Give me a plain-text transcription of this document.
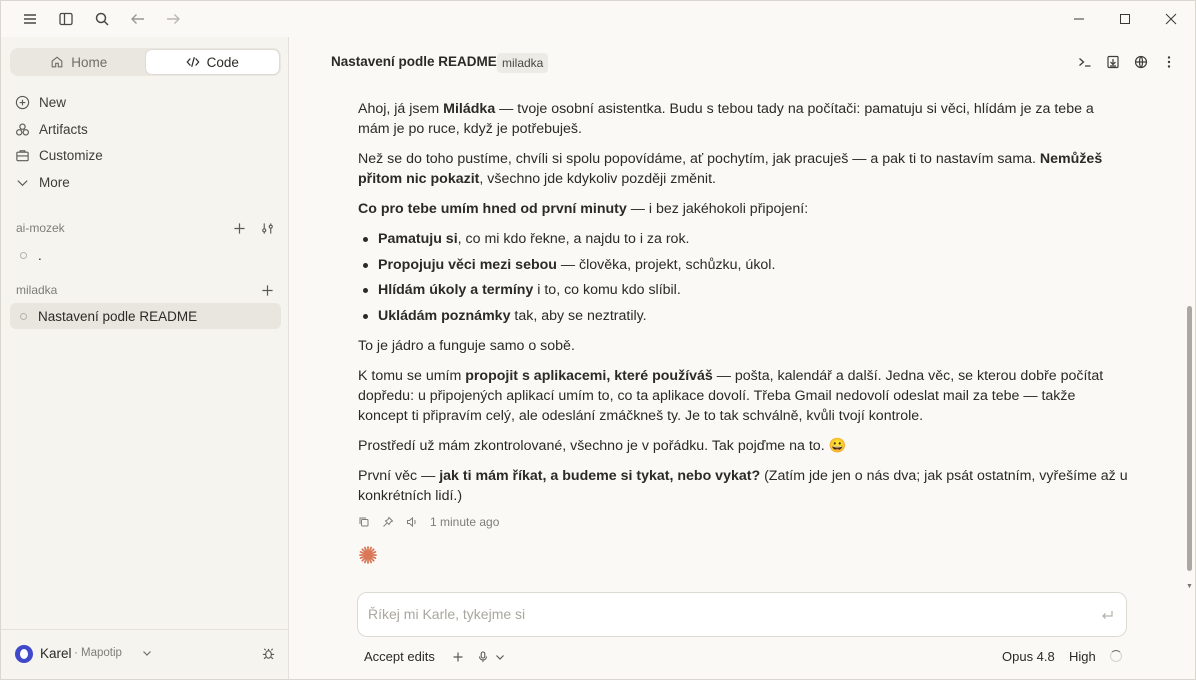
Home	Code
New
Artifacts
Customize
More
ai-mozek
.
miladka
Nastavení podle README
Karel · Mapotip
Nastavení podle README miladka

Ahoj, já jsem Miládka — tvoje osobní asistentka. Budu s tebou tady na počítači: pamatuju si věci, hlídám je za tebe a mám je po ruce, když je potřebuješ.

Než se do toho pustíme, chvíli si spolu popovídáme, ať pochytím, jak pracuješ — a pak ti to nastavím sama. Nemůžeš přitom nic pokazit, všechno jde kdykoliv později změnit.

Co pro tebe umím hned od první minuty — i bez jakéhokoli připojení:

Pamatuju si, co mi kdo řekne, a najdu to i za rok.
Propojuju věci mezi sebou — člověka, projekt, schůzku, úkol.
Hlídám úkoly a termíny i to, co komu kdo slíbil.
Ukládám poznámky tak, aby se neztratily.

To je jádro a funguje samo o sobě.

K tomu se umím propojit s aplikacemi, které používáš — pošta, kalendář a další. Jedna věc, se kterou dobře počítat dopředu: u připojených aplikací umím to, co ta aplikace dovolí. Třeba Gmail nedovolí odeslat mail za tebe — takže koncept ti připravím celý, ale odeslání zmáčkneš ty. Je to tak schválně, kvůli tvojí kontrole.

Prostředí už mám zkontrolované, všechno je v pořádku. Tak pojďme na to. 😀

První věc — jak ti mám říkat, a budeme si tykat, nebo vykat? (Zatím jde jen o nás dva; jak psát ostatním, vyřešíme až u konkrétních lidí.)

1 minute ago
▼
Říkej mi Karle, tykejme si
Accept edits	Opus 4.8 High
